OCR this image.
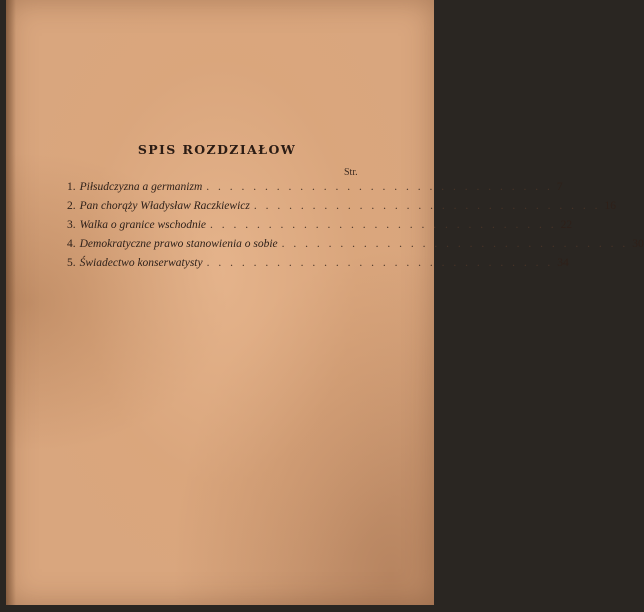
SPIS ROZDZIAŁOW
Str.
1. Piłsudczyzna a germanizm . . . . . . . . . . . . . . . . . . . . . . . . . . . . . . 7
2. Pan chorąży Władysław Raczkiewicz . . . . . . . . . . . . . . . . . . . . . . . . . . . . . . 16
3. Walka o granice wschodnie . . . . . . . . . . . . . . . . . . . . . . . . . . . . . . 22
4. Demokratyczne prawo stanowienia o sobie . . . . . . . . . . . . . . . . . . . . . . . . . . . . . . 30
5. Świadectwo konserwatysty . . . . . . . . . . . . . . . . . . . . . . . . . . . . . . 34
